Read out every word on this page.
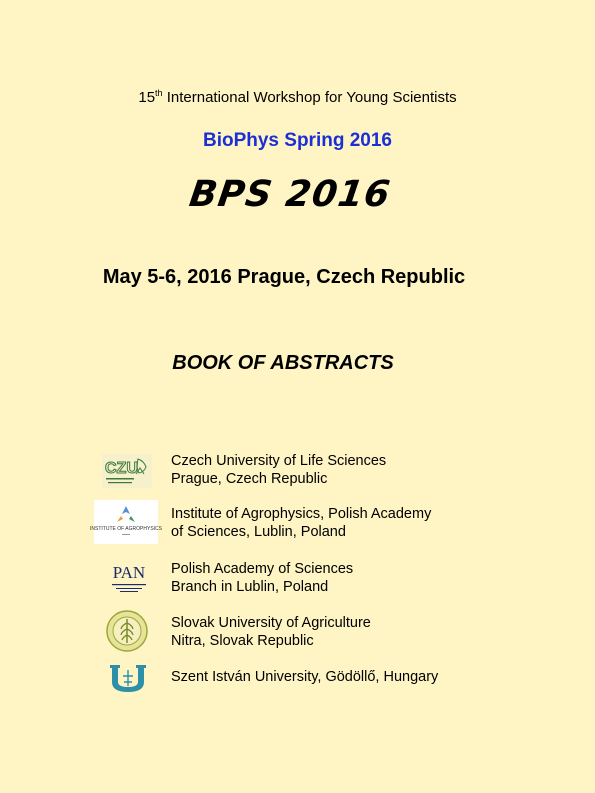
15th International Workshop for Young Scientists
BioPhys Spring 2016
BPS 2016
May 5-6, 2016 Prague, Czech Republic
BOOK OF ABSTRACTS
CZU Czech University of Life Sciences
Prague, Czech Republic
INSTITUTE OF AGROPHYSICS
Institute of Agrophysics, Polish Academy
of Sciences, Lublin, Poland
PAN Polish Academy of Sciences
Branch in Lublin, Poland
Slovak University of Agriculture
Nitra, Slovak Republic
Szent István University, Gödöllő, Hungary
